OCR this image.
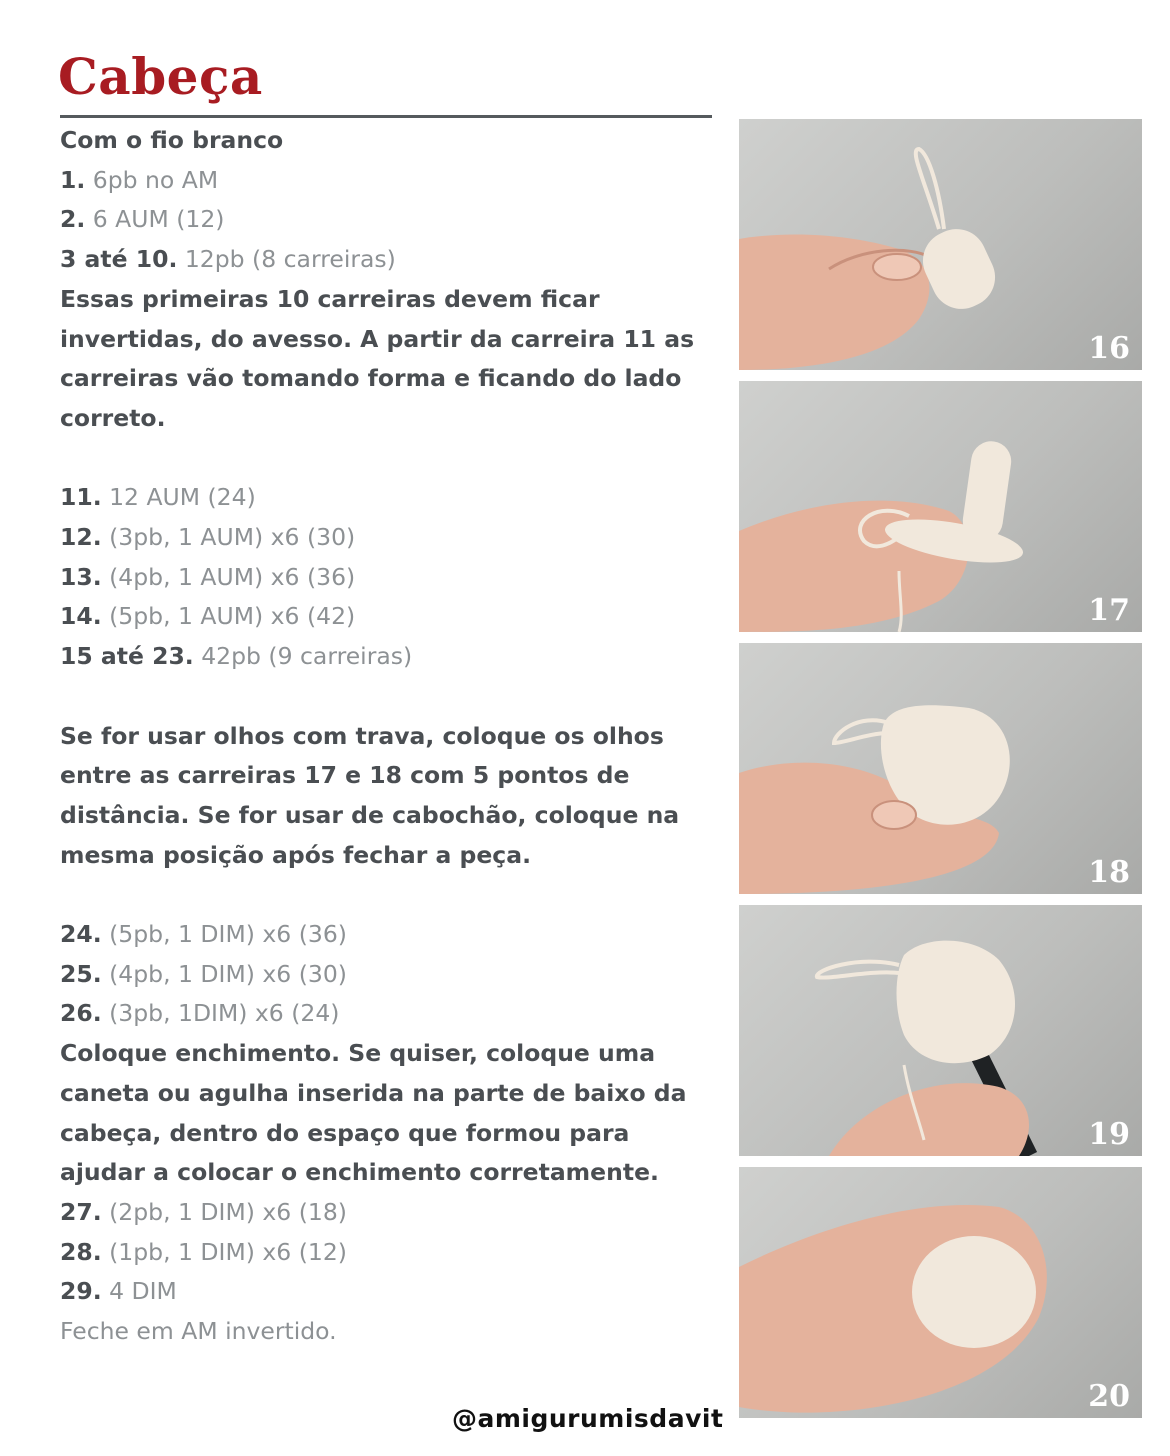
Cabeça

Com o fio branco

1. 6pb no AM

2. 6 AUM (12)

3 até 10. 12pb (8 carreiras)

Essas primeiras 10 carreiras devem ficar

invertidas, do avesso. A partir da carreira 11 as

carreiras vão tomando forma e ficando do lado

correto.

11. 12 AUM (24)

12. (3pb, 1 AUM) x6 (30)

13. (4pb, 1 AUM) x6 (36)

14. (5pb, 1 AUM) x6 (42)

15 até 23. 42pb (9 carreiras)

Se for usar olhos com trava, coloque os olhos

entre as carreiras 17 e 18 com 5 pontos de

distância. Se for usar de cabochão, coloque na

mesma posição após fechar a peça.

24. (5pb, 1 DIM) x6 (36)

25. (4pb, 1 DIM) x6 (30)

26. (3pb, 1DIM) x6 (24)

Coloque enchimento. Se quiser, coloque uma

caneta ou agulha inserida na parte de baixo da

cabeça, dentro do espaço que formou para

ajudar a colocar o enchimento corretamente.

27. (2pb, 1 DIM) x6 (18)

28. (1pb, 1 DIM) x6 (12)

29. 4 DIM

Feche em AM invertido.

16
17
18
19
20
@amigurumisdavit
